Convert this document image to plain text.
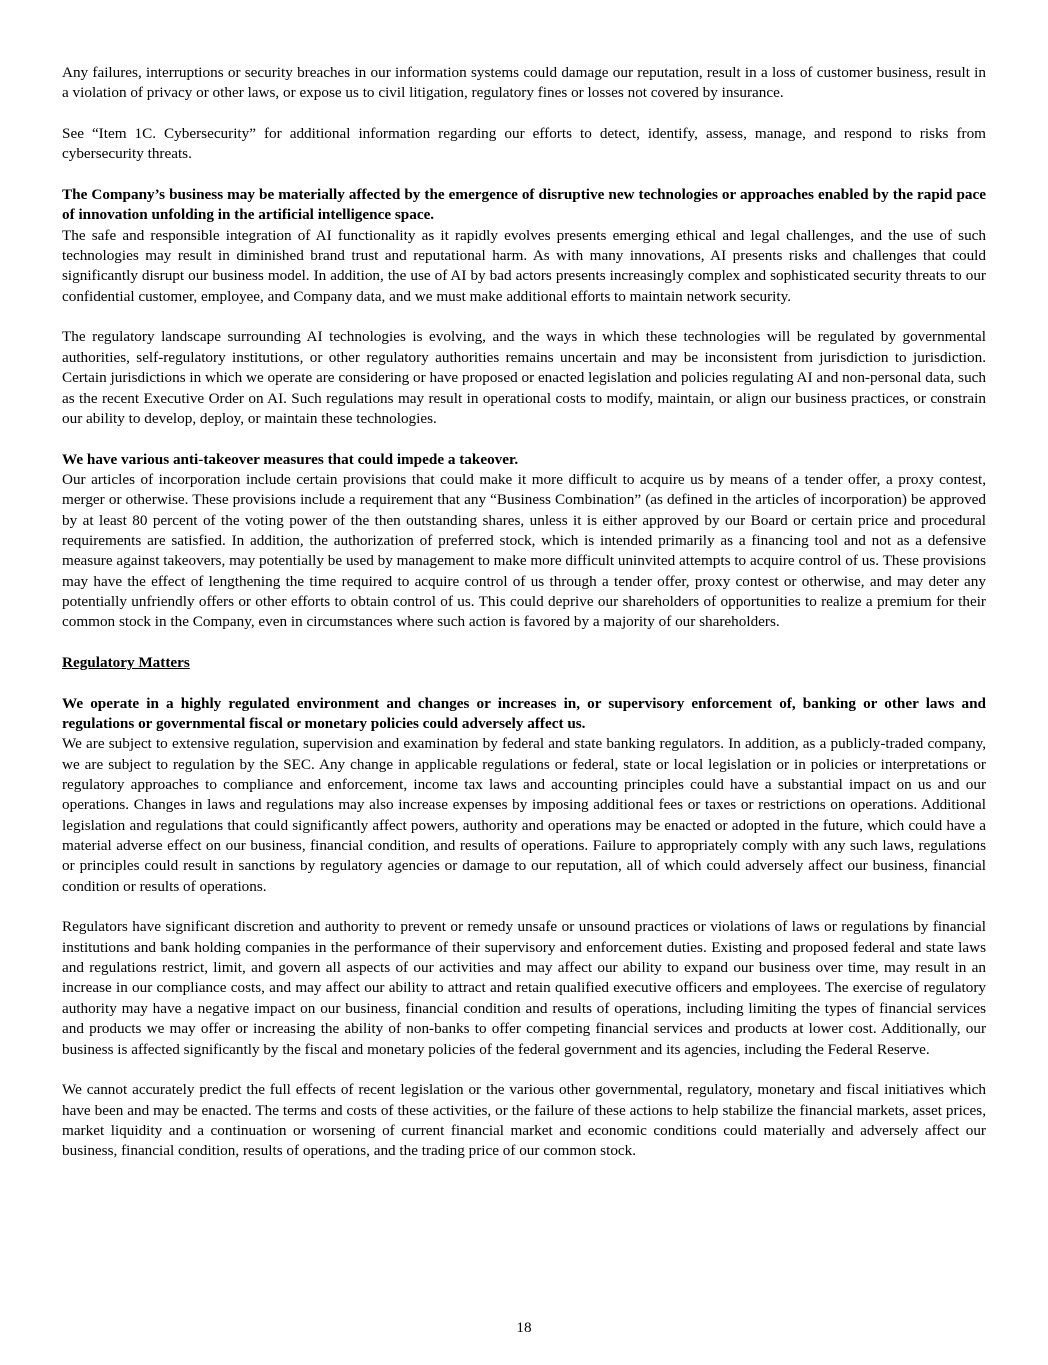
Any failures, interruptions or security breaches in our information systems could damage our reputation, result in a loss of customer business, result in a violation of privacy or other laws, or expose us to civil litigation, regulatory fines or losses not covered by insurance.

See “Item 1C. Cybersecurity” for additional information regarding our efforts to detect, identify, assess, manage, and respond to risks from cybersecurity threats.

The Company’s business may be materially affected by the emergence of disruptive new technologies or approaches enabled by the rapid pace of innovation unfolding in the artificial intelligence space.

The safe and responsible integration of AI functionality as it rapidly evolves presents emerging ethical and legal challenges, and the use of such technologies may result in diminished brand trust and reputational harm. As with many innovations, AI presents risks and challenges that could significantly disrupt our business model. In addition, the use of AI by bad actors presents increasingly complex and sophisticated security threats to our confidential customer, employee, and Company data, and we must make additional efforts to maintain network security.

The regulatory landscape surrounding AI technologies is evolving, and the ways in which these technologies will be regulated by governmental authorities, self-regulatory institutions, or other regulatory authorities remains uncertain and may be inconsistent from jurisdiction to jurisdiction. Certain jurisdictions in which we operate are considering or have proposed or enacted legislation and policies regulating AI and non-personal data, such as the recent Executive Order on AI. Such regulations may result in operational costs to modify, maintain, or align our business practices, or constrain our ability to develop, deploy, or maintain these technologies.

We have various anti-takeover measures that could impede a takeover.

Our articles of incorporation include certain provisions that could make it more difficult to acquire us by means of a tender offer, a proxy contest, merger or otherwise. These provisions include a requirement that any “Business Combination” (as defined in the articles of incorporation) be approved by at least 80 percent of the voting power of the then outstanding shares, unless it is either approved by our Board or certain price and procedural requirements are satisfied. In addition, the authorization of preferred stock, which is intended primarily as a financing tool and not as a defensive measure against takeovers, may potentially be used by management to make more difficult uninvited attempts to acquire control of us. These provisions may have the effect of lengthening the time required to acquire control of us through a tender offer, proxy contest or otherwise, and may deter any potentially unfriendly offers or other efforts to obtain control of us. This could deprive our shareholders of opportunities to realize a premium for their common stock in the Company, even in circumstances where such action is favored by a majority of our shareholders.

Regulatory Matters

We operate in a highly regulated environment and changes or increases in, or supervisory enforcement of, banking or other laws and regulations or governmental fiscal or monetary policies could adversely affect us.

We are subject to extensive regulation, supervision and examination by federal and state banking regulators. In addition, as a publicly-traded company, we are subject to regulation by the SEC. Any change in applicable regulations or federal, state or local legislation or in policies or interpretations or regulatory approaches to compliance and enforcement, income tax laws and accounting principles could have a substantial impact on us and our operations. Changes in laws and regulations may also increase expenses by imposing additional fees or taxes or restrictions on operations. Additional legislation and regulations that could significantly affect powers, authority and operations may be enacted or adopted in the future, which could have a material adverse effect on our business, financial condition, and results of operations. Failure to appropriately comply with any such laws, regulations or principles could result in sanctions by regulatory agencies or damage to our reputation, all of which could adversely affect our business, financial condition or results of operations.

Regulators have significant discretion and authority to prevent or remedy unsafe or unsound practices or violations of laws or regulations by financial institutions and bank holding companies in the performance of their supervisory and enforcement duties. Existing and proposed federal and state laws and regulations restrict, limit, and govern all aspects of our activities and may affect our ability to expand our business over time, may result in an increase in our compliance costs, and may affect our ability to attract and retain qualified executive officers and employees. The exercise of regulatory authority may have a negative impact on our business, financial condition and results of operations, including limiting the types of financial services and products we may offer or increasing the ability of non-banks to offer competing financial services and products at lower cost. Additionally, our business is affected significantly by the fiscal and monetary policies of the federal government and its agencies, including the Federal Reserve.

We cannot accurately predict the full effects of recent legislation or the various other governmental, regulatory, monetary and fiscal initiatives which have been and may be enacted. The terms and costs of these activities, or the failure of these actions to help stabilize the financial markets, asset prices, market liquidity and a continuation or worsening of current financial market and economic conditions could materially and adversely affect our business, financial condition, results of operations, and the trading price of our common stock.

18
